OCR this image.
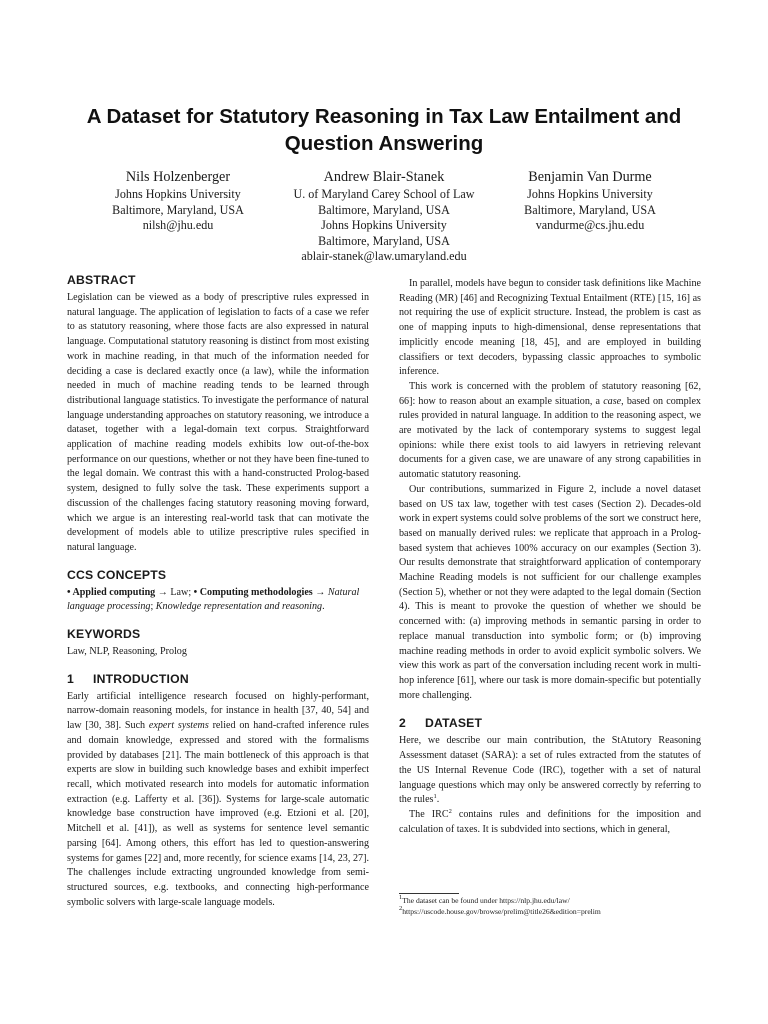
A Dataset for Statutory Reasoning in Tax Law Entailment and
Question Answering
Nils Holzenberger
Johns Hopkins University
Baltimore, Maryland, USA
nilsh@jhu.edu
Andrew Blair-Stanek
U. of Maryland Carey School of Law
Baltimore, Maryland, USA
Johns Hopkins University
Baltimore, Maryland, USA
ablair-stanek@law.umaryland.edu
Benjamin Van Durme
Johns Hopkins University
Baltimore, Maryland, USA
vandurme@cs.jhu.edu
ABSTRACT

Legislation can be viewed as a body of prescriptive rules expressed in natural language. The application of legislation to facts of a case we refer to as statutory reasoning, where those facts are also expressed in natural language. Computational statutory reasoning is distinct from most existing work in machine reading, in that much of the information needed for deciding a case is declared exactly once (a law), while the information needed in much of machine reading tends to be learned through distributional language statistics. To investigate the performance of natural language understanding approaches on statutory reasoning, we introduce a dataset, together with a legal-domain text corpus. Straightforward application of machine reading models exhibits low out-of-the-box performance on our questions, whether or not they have been fine-tuned to the legal domain. We contrast this with a hand-constructed Prolog-based system, designed to fully solve the task. These experiments support a discussion of the challenges facing statutory reasoning moving forward, which we argue is an interesting real-world task that can motivate the development of models able to utilize prescriptive rules specified in natural language.

CCS CONCEPTS

• Applied computing → Law; • Computing methodologies → Natural language processing; Knowledge representation and reasoning.

KEYWORDS

Law, NLP, Reasoning, Prolog

1 INTRODUCTION

Early artificial intelligence research focused on highly-performant, narrow-domain reasoning models, for instance in health [37, 40, 54] and law [30, 38]. Such expert systems relied on hand-crafted inference rules and domain knowledge, expressed and stored with the formalisms provided by databases [21]. The main bottleneck of this approach is that experts are slow in building such knowledge bases and exhibit imperfect recall, which motivated research into models for automatic information extraction (e.g. Lafferty et al. [36]). Systems for large-scale automatic knowledge base construction have improved (e.g. Etzioni et al. [20], Mitchell et al. [41]), as well as systems for sentence level semantic parsing [64]. Among others, this effort has led to question-answering systems for games [22] and, more recently, for science exams [14, 23, 27]. The challenges include extracting ungrounded knowledge from semi-structured sources, e.g. textbooks, and connecting high-performance symbolic solvers with large-scale language models.

In parallel, models have begun to consider task definitions like Machine Reading (MR) [46] and Recognizing Textual Entailment (RTE) [15, 16] as not requiring the use of explicit structure. Instead, the problem is cast as one of mapping inputs to high-dimensional, dense representations that implicitly encode meaning [18, 45], and are employed in building classifiers or text decoders, bypassing classic approaches to symbolic inference.

This work is concerned with the problem of statutory reasoning [62, 66]: how to reason about an example situation, a case, based on complex rules provided in natural language. In addition to the reasoning aspect, we are motivated by the lack of contemporary systems to suggest legal opinions: while there exist tools to aid lawyers in retrieving relevant documents for a given case, we are unaware of any strong capabilities in automatic statutory reasoning.

Our contributions, summarized in Figure 2, include a novel dataset based on US tax law, together with test cases (Section 2). Decades-old work in expert systems could solve problems of the sort we construct here, based on manually derived rules: we replicate that approach in a Prolog-based system that achieves 100% accuracy on our examples (Section 3). Our results demonstrate that straightforward application of contemporary Machine Reading models is not sufficient for our challenge examples (Section 5), whether or not they were adapted to the legal domain (Section 4). This is meant to provoke the question of whether we should be concerned with: (a) improving methods in semantic parsing in order to replace manual transduction into symbolic form; or (b) improving machine reading methods in order to avoid explicit symbolic solvers. We view this work as part of the conversation including recent work in multi-hop inference [61], where our task is more domain-specific but potentially more challenging.

2 DATASET

Here, we describe our main contribution, the StAtutory Reasoning Assessment dataset (SARA): a set of rules extracted from the statutes of the US Internal Revenue Code (IRC), together with a set of natural language questions which may only be answered correctly by referring to the rules$^1$.

The IRC$^2$ contains rules and definitions for the imposition and calculation of taxes. It is subdvided into sections, which in general,

$^1$The dataset can be found under https://nlp.jhu.edu/law/

$^2$https://uscode.house.gov/browse/prelim@title26&edition=prelim
